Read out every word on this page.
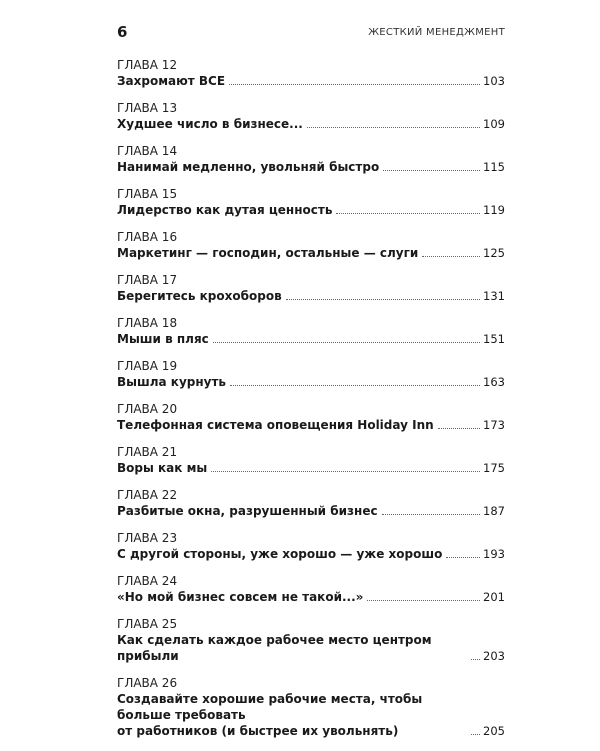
6	ЖЕСТКИЙ МЕНЕДЖМЕНТ
ГЛАВА 12
Захромают ВСЕ	103
ГЛАВА 13
Худшее число в бизнесе...	109
ГЛАВА 14
Нанимай медленно, увольняй быстро	115
ГЛАВА 15
Лидерство как дутая ценность	119
ГЛАВА 16
Маркетинг — господин, остальные — слуги	125
ГЛАВА 17
Берегитесь крохоборов	131
ГЛАВА 18
Мыши в пляс	151
ГЛАВА 19
Вышла курнуть	163
ГЛАВА 20
Телефонная система оповещения Holiday Inn	173
ГЛАВА 21
Воры как мы	175
ГЛАВА 22
Разбитые окна, разрушенный бизнес	187
ГЛАВА 23
С другой стороны, уже хорошо — уже хорошо	193
ГЛАВА 24
«Но мой бизнес совсем не такой...»	201
ГЛАВА 25
Как сделать каждое рабочее место центром прибыли	203
ГЛАВА 26
Создавайте хорошие рабочие места, чтобы больше требовать
от работников (и быстрее их увольнять)	205
